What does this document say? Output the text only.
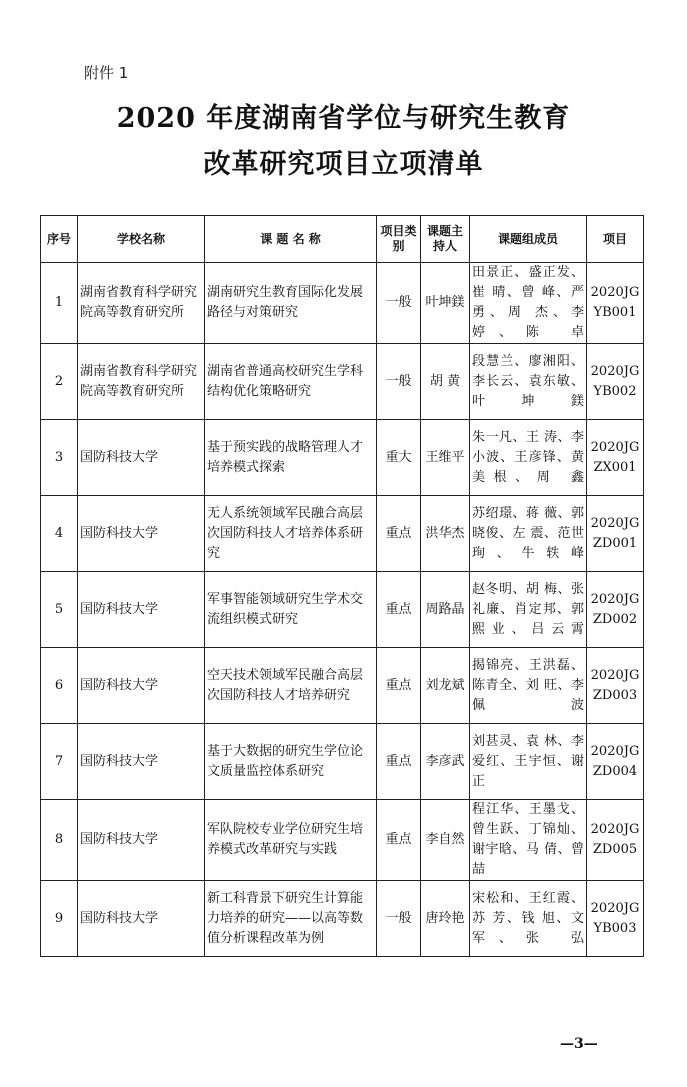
附件 1
2020 年度湖南省学位与研究生教育
改革研究项目立项清单
序号	学校名称	课 题 名 称	项目类别	课题主持人	课题组成员	项目
1	湖南省教育科学研究院高等教育研究所	湖南研究生教育国际化发展路径与对策研究	一般	叶坤鎂	田景正、盛正发、崔 晴、曾 峰、严 勇、周 杰、李 婷、陈 卓	2020JGYB001
2	湖南省教育科学研究院高等教育研究所	湖南省普通高校研究生学科结构优化策略研究	一般	胡 黄	段慧兰、廖湘阳、李长云、袁东敏、叶坤鎂	2020JGYB002
3	国防科技大学	基于预实践的战略管理人才培养模式探索	重大	王维平	朱一凡、王 涛、李小波、王彦锋、黄美根、周 鑫	2020JGZX001
4	国防科技大学	无人系统领域军民融合高层次国防科技人才培养体系研究	重点	洪华杰	苏绍璟、蒋 薇、郭晓俊、左 震、范世珣、牛轶峰	2020JGZD001
5	国防科技大学	军事智能领域研究生学术交流组织模式研究	重点	周路晶	赵冬明、胡 梅、张礼廉、肖定邦、郭熙业、吕云霄	2020JGZD002
6	国防科技大学	空天技术领域军民融合高层次国防科技人才培养研究	重点	刘龙斌	揭锦亮、王洪磊、陈青全、刘 旺、李佩波	2020JGZD003
7	国防科技大学	基于大数据的研究生学位论文质量监控体系研究	重点	李彦武	刘甚灵、袁 林、李爱红、王宇恒、谢 正	2020JGZD004
8	国防科技大学	军队院校专业学位研究生培养模式改革研究与实践	重点	李自然	程江华、王墨戈、曾生跃、丁锦灿、谢宇晗、马 倩、曾 喆	2020JGZD005
9	国防科技大学	新工科背景下研究生计算能力培养的研究——以高等数值分析课程改革为例	一般	唐玲艳	宋松和、王红霞、苏 芳、钱 旭、文 军、张 弘	2020JGYB003
—3—
